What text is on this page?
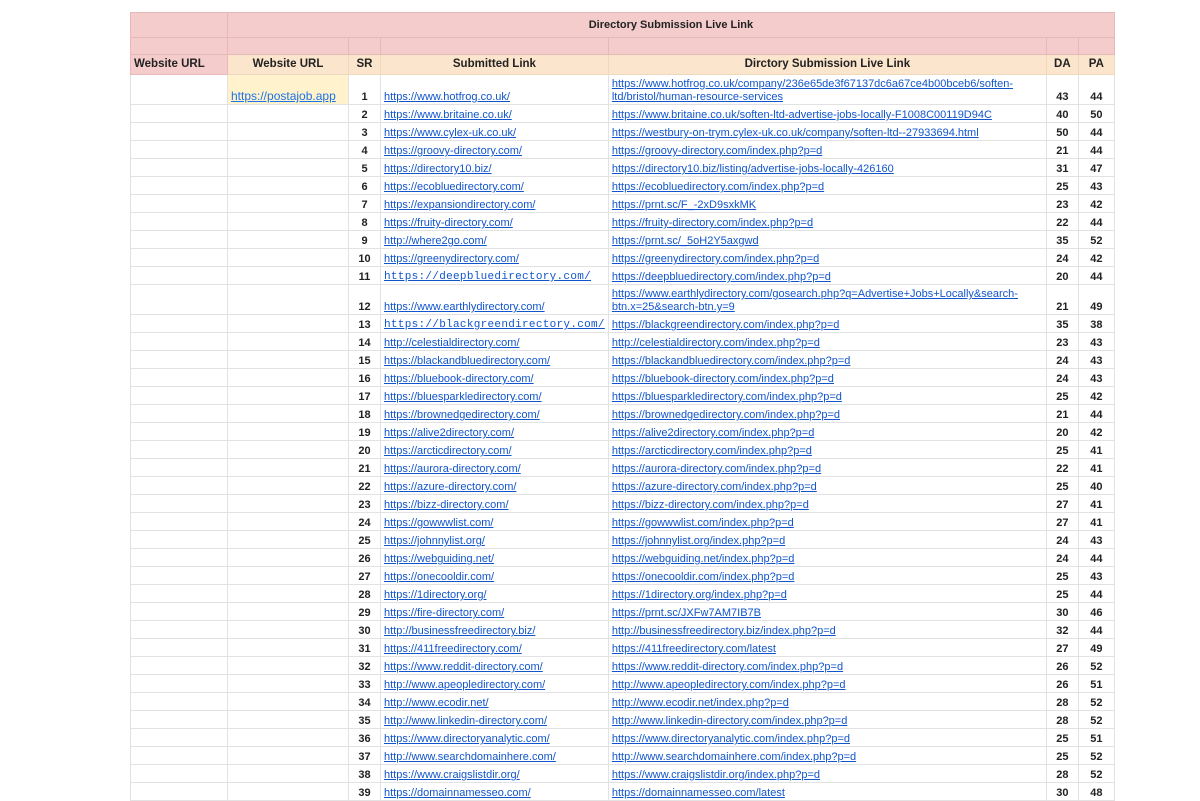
	Directory Submission Live Link					

Website URL	Website URL	SR	Submitted Link	Dirctory Submission Live Link	DA	PA
	https://postajob.app	1	https://www.hotfrog.co.uk/	https://www.hotfrog.co.uk/company/236e65de3f67137dc6a67ce4b00bceb6/soften-ltd/bristol/human-resource-services	43	44
		2	https://www.britaine.co.uk/	https://www.britaine.co.uk/soften-ltd-advertise-jobs-locally-F1008C00119D94C	40	50
		3	https://www.cylex-uk.co.uk/	https://westbury-on-trym.cylex-uk.co.uk/company/soften-ltd--27933694.html	50	44
		4	https://groovy-directory.com/	https://groovy-directory.com/index.php?p=d	21	44
		5	https://directory10.biz/	https://directory10.biz/listing/advertise-jobs-locally-426160	31	47
		6	https://ecobluedirectory.com/	https://ecobluedirectory.com/index.php?p=d	25	43
		7	https://expansiondirectory.com/	https://prnt.sc/F_-2xD9sxkMK	23	42
		8	https://fruity-directory.com/	https://fruity-directory.com/index.php?p=d	22	44
		9	http://where2go.com/	https://prnt.sc/_5oH2Y5axgwd	35	52
		10	https://greenydirectory.com/	https://greenydirectory.com/index.php?p=d	24	42
		11	https://deepbluedirectory.com/	https://deepbluedirectory.com/index.php?p=d	20	44
		12	https://www.earthlydirectory.com/	https://www.earthlydirectory.com/gosearch.php?q=Advertise+Jobs+Locally&search-btn.x=25&search-btn.y=9	21	49
		13	https://blackgreendirectory.com/	https://blackgreendirectory.com/index.php?p=d	35	38
		14	http://celestialdirectory.com/	http://celestialdirectory.com/index.php?p=d	23	43
		15	https://blackandbluedirectory.com/	https://blackandbluedirectory.com/index.php?p=d	24	43
		16	https://bluebook-directory.com/	https://bluebook-directory.com/index.php?p=d	24	43
		17	https://bluesparkledirectory.com/	https://bluesparkledirectory.com/index.php?p=d	25	42
		18	https://brownedgedirectory.com/	https://brownedgedirectory.com/index.php?p=d	21	44
		19	https://alive2directory.com/	https://alive2directory.com/index.php?p=d	20	42
		20	https://arcticdirectory.com/	https://arcticdirectory.com/index.php?p=d	25	41
		21	https://aurora-directory.com/	https://aurora-directory.com/index.php?p=d	22	41
		22	https://azure-directory.com/	https://azure-directory.com/index.php?p=d	25	40
		23	https://bizz-directory.com/	https://bizz-directory.com/index.php?p=d	27	41
		24	https://gowwwlist.com/	https://gowwwlist.com/index.php?p=d	27	41
		25	https://johnnylist.org/	https://johnnylist.org/index.php?p=d	24	43
		26	https://webguiding.net/	https://webguiding.net/index.php?p=d	24	44
		27	https://onecooldir.com/	https://onecooldir.com/index.php?p=d	25	43
		28	https://1directory.org/	https://1directory.org/index.php?p=d	25	44
		29	https://fire-directory.com/	https://prnt.sc/JXFw7AM7IB7B	30	46
		30	http://businessfreedirectory.biz/	http://businessfreedirectory.biz/index.php?p=d	32	44
		31	https://411freedirectory.com/	https://411freedirectory.com/latest	27	49
		32	https://www.reddit-directory.com/	https://www.reddit-directory.com/index.php?p=d	26	52
		33	http://www.apeopledirectory.com/	http://www.apeopledirectory.com/index.php?p=d	26	51
		34	http://www.ecodir.net/	http://www.ecodir.net/index.php?p=d	28	52
		35	http://www.linkedin-directory.com/	http://www.linkedin-directory.com/index.php?p=d	28	52
		36	https://www.directoryanalytic.com/	https://www.directoryanalytic.com/index.php?p=d	25	51
		37	http://www.searchdomainhere.com/	http://www.searchdomainhere.com/index.php?p=d	25	52
		38	https://www.craigslistdir.org/	https://www.craigslistdir.org/index.php?p=d	28	52
		39	https://domainnamesseo.com/	https://domainnamesseo.com/latest	30	48
